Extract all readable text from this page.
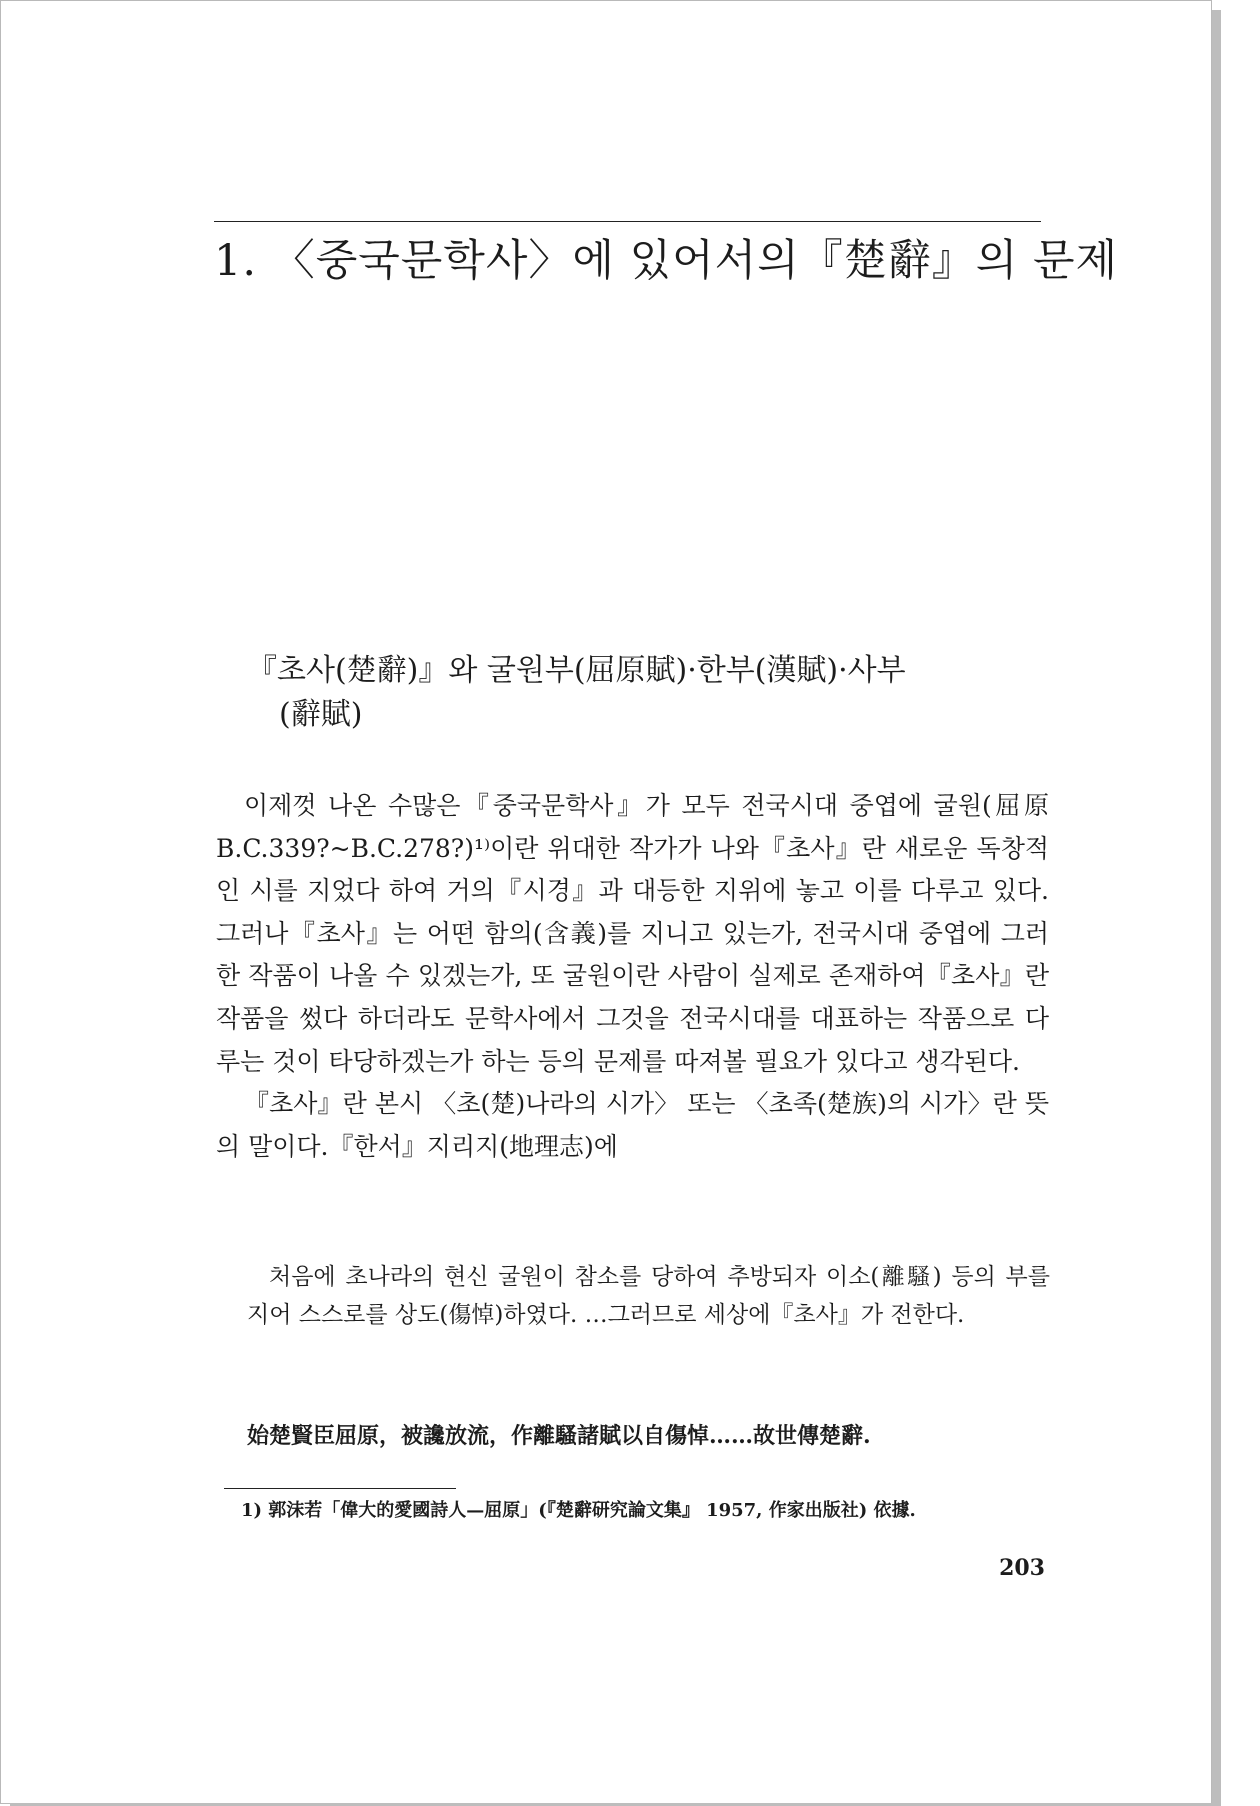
1. 〈중국문학사〉에 있어서의『楚辭』의 문제
『초사(楚辭)』와 굴원부(屈原賦)·한부(漢賦)·사부
(辭賦)

이제껏 나온 수많은『중국문학사』가 모두 전국시대 중엽에 굴원(屈原 B.C.339?~B.C.278?)¹⁾이란 위대한 작가가 나와『초사』란 새로운 독창적인 시를 지었다 하여 거의『시경』과 대등한 지위에 놓고 이를 다루고 있다. 그러나『초사』는 어떤 함의(含義)를 지니고 있는가, 전국시대 중엽에 그러한 작품이 나올 수 있겠는가, 또 굴원이란 사람이 실제로 존재하여『초사』란 작품을 썼다 하더라도 문학사에서 그것을 전국시대를 대표하는 작품으로 다루는 것이 타당하겠는가 하는 등의 문제를 따져볼 필요가 있다고 생각된다.

『초사』란 본시 〈초(楚)나라의 시가〉 또는 〈초족(楚族)의 시가〉란 뜻의 말이다.『한서』지리지(地理志)에

처음에 초나라의 현신 굴원이 참소를 당하여 추방되자 이소(離騷) 등의 부를 지어 스스로를 상도(傷悼)하였다. …그러므로 세상에『초사』가 전한다.

始楚賢臣屈原，被讒放流，作離騷諸賦以自傷悼……故世傳楚辭.

1) 郭沫若「偉大的愛國詩人—屈原」(『楚辭研究論文集』 1957, 作家出版社) 依據.

203
